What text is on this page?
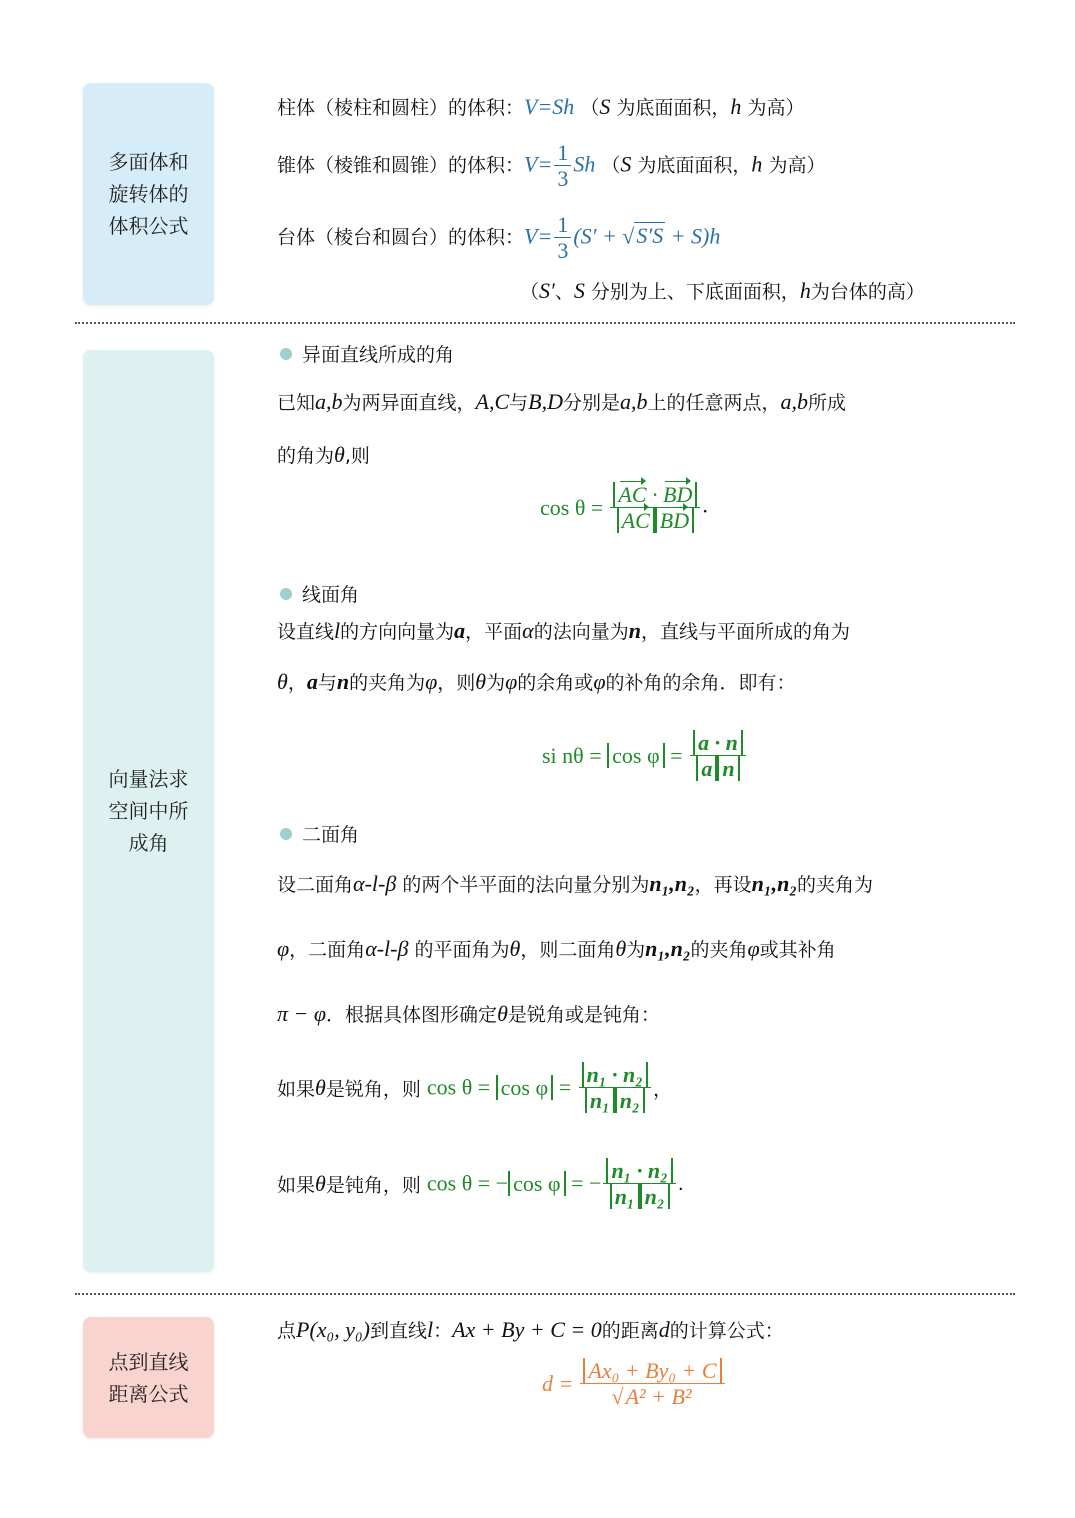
多面体和
旋转体的
体积公式
柱体（棱柱和圆柱）的体积：V=Sh （S 为底面面积，h 为高）
锥体（棱锥和圆锥）的体积：$V= \frac{1}{3}$ Sh （S 为底面面积，h 为高）
台体（棱台和圆台）的体积：$V= \frac{1}{3} (S' + √S'S + S)h$
（S′、S 分别为上、下底面面积，h为台体的高）
向量法求
空间中所
成角
异面直线所成的角
已知a,b为两异面直线，A,C与B,D分别是a,b上的任意两点，a,b所成
的角为θ,则
$\cos \theta = \frac{AC \cdot BD}{\text{AC BD}}$ .
线面角
设直线l的方向向量为a，平面α的法向量为n，直线与平面所成的角为
θ，a与n的夹角为φ，则θ为φ的余角或φ的补角的余角．即有：
si $n\theta = \cos \varphi = \frac{a \cdot n}{\text{a n}}$
二面角
设二面角α-l-β 的两个半平面的法向量分别为n₁,n₂，再设n₁,n₂的夹角为
φ，二面角α-l-β 的平面角为θ，则二面角θ为n₁,n₂的夹角φ或其补角
π − φ．根据具体图形确定θ是锐角或是钝角：
如果θ是锐角，则 $\cos \theta = \cos \varphi = \frac{\text{n₁ · n₂}}{\text{n₁ n₂}}$ ，
如果θ是钝角，则 cos θ = − cos φ = − $\frac{\text{n₁ · n₂}}{\text{n₁ n₂}}$ .
点到直线
距离公式
点P(x₀, y₀)到直线l：Ax + By + C = 0的距离d的计算公式：
$d = \frac{\text{Ax₀ + By₀ + C}}{\text{√A² + B²}}$
